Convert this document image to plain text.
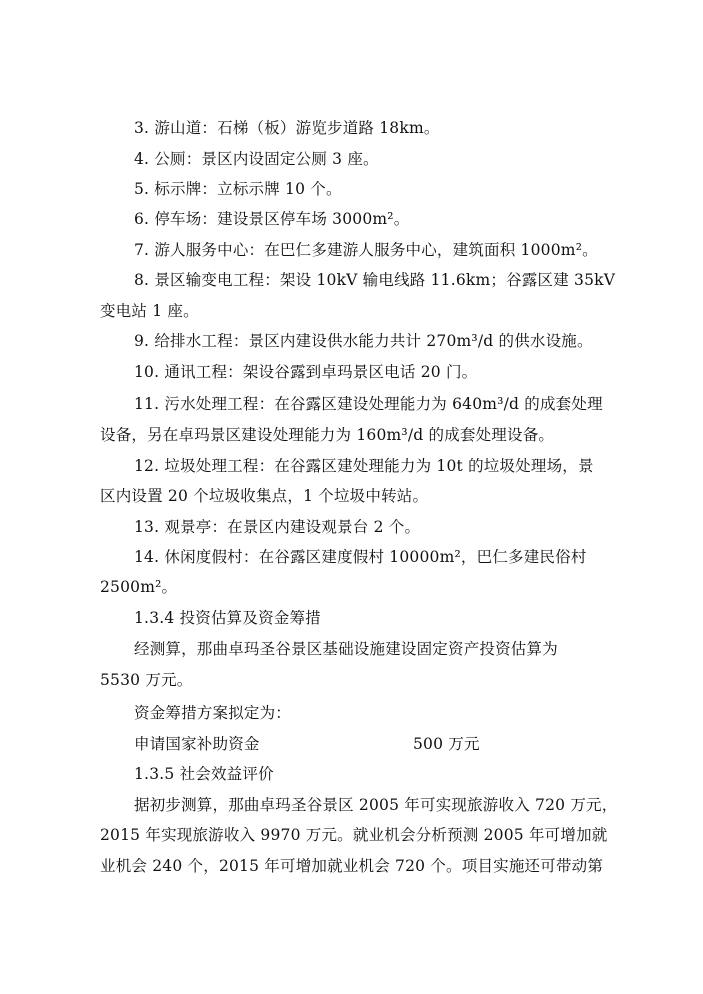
3. 游山道：石梯（板）游览步道路 18km。
4. 公厕：景区内设固定公厕 3 座。
5. 标示牌：立标示牌 10 个。
6. 停车场：建设景区停车场 3000m²。
7. 游人服务中心：在巴仁多建游人服务中心，建筑面积 1000m²。
8. 景区输变电工程：架设 10kV 输电线路 11.6km；谷露区建 35kV
变电站 1 座。
9. 给排水工程：景区内建设供水能力共计 270m³/d 的供水设施。
10. 通讯工程：架设谷露到卓玛景区电话 20 门。
11. 污水处理工程：在谷露区建设处理能力为 640m³/d 的成套处理
设备，另在卓玛景区建设处理能力为 160m³/d 的成套处理设备。
12. 垃圾处理工程：在谷露区建处理能力为 10t 的垃圾处理场，景
区内设置 20 个垃圾收集点，1 个垃圾中转站。
13. 观景亭：在景区内建设观景台 2 个。
14. 休闲度假村：在谷露区建度假村 10000m²，巴仁多建民俗村
2500m²。
1.3.4 投资估算及资金筹措
经测算，那曲卓玛圣谷景区基础设施建设固定资产投资估算为
5530 万元。
资金筹措方案拟定为：
申请国家补助资金	500 万元
1.3.5 社会效益评价
据初步测算，那曲卓玛圣谷景区 2005 年可实现旅游收入 720 万元，
2015 年实现旅游收入 9970 万元。就业机会分析预测 2005 年可增加就
业机会 240 个，2015 年可增加就业机会 720 个。项目实施还可带动第
